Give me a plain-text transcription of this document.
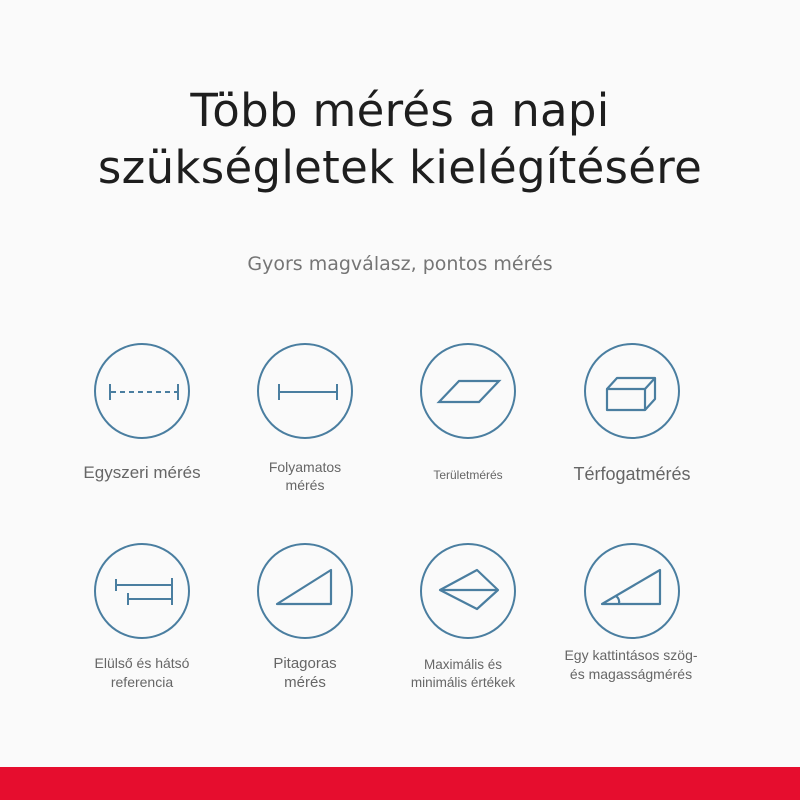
Több mérés a napi
szükségletek kielégítésére
Gyors magválasz, pontos mérés
Egyszeri mérés	Folyamatos mérés
Területmérés	Térfogatmérés
Elülső és hátsó referencia
Pitagoras mérés
Maximális és minimális értékek
Egy kattintásos szög- és magasságmérés
